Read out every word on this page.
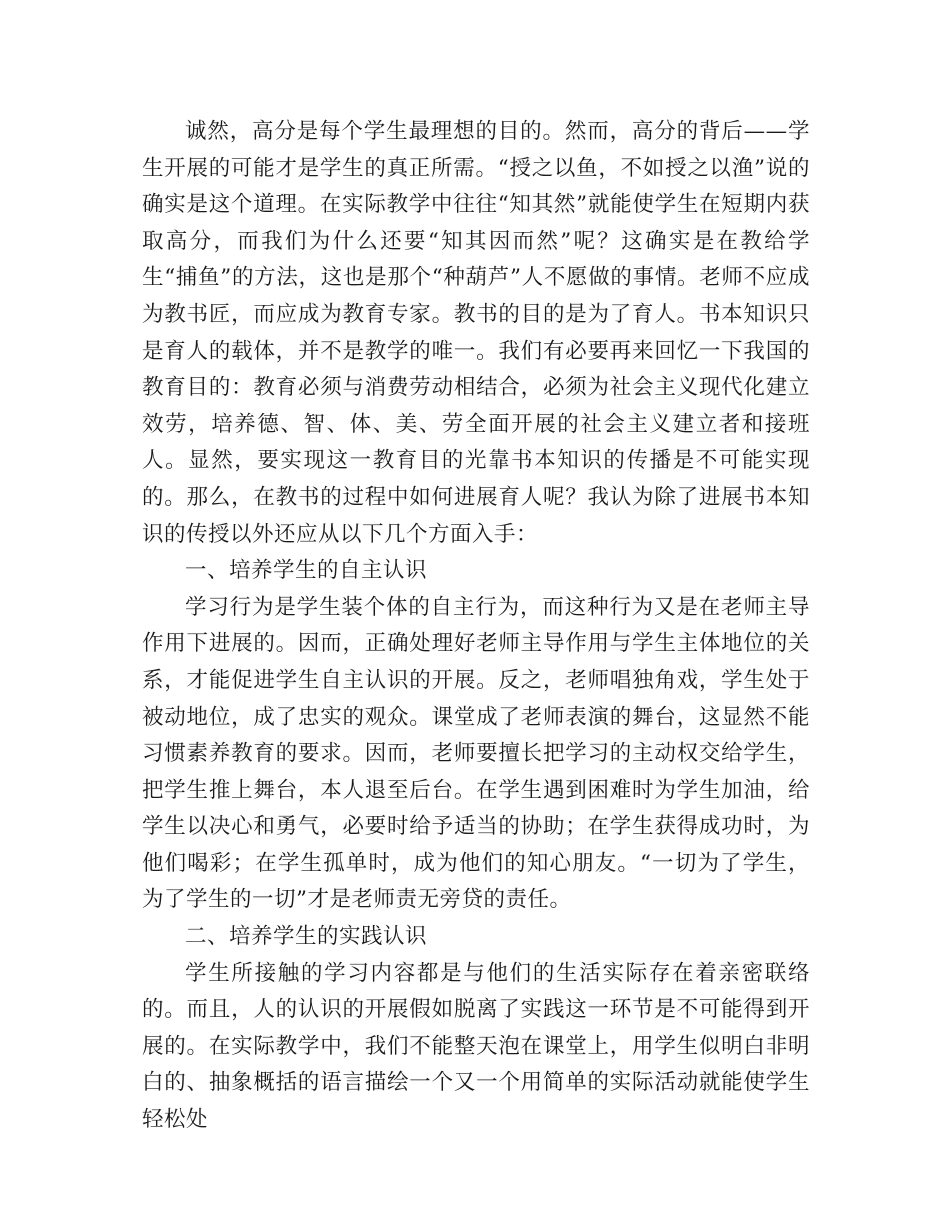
诚然，高分是每个学生最理想的目的。然而，高分的背后——学生开展的可能才是学生的真正所需。“授之以鱼，不如授之以渔”说的确实是这个道理。在实际教学中往往“知其然”就能使学生在短期内获取高分，而我们为什么还要“知其因而然”呢？这确实是在教给学生“捕鱼”的方法，这也是那个“种葫芦”人不愿做的事情。老师不应成为教书匠，而应成为教育专家。教书的目的是为了育人。书本知识只是育人的载体，并不是教学的唯一。我们有必要再来回忆一下我国的教育目的：教育必须与消费劳动相结合，必须为社会主义现代化建立效劳，培养德、智、体、美、劳全面开展的社会主义建立者和接班人。显然，要实现这一教育目的光靠书本知识的传播是不可能实现的。那么，在教书的过程中如何进展育人呢？我认为除了进展书本知识的传授以外还应从以下几个方面入手：

一、培养学生的自主认识

学习行为是学生装个体的自主行为，而这种行为又是在老师主导作用下进展的。因而，正确处理好老师主导作用与学生主体地位的关系，才能促进学生自主认识的开展。反之，老师唱独角戏，学生处于被动地位，成了忠实的观众。课堂成了老师表演的舞台，这显然不能习惯素养教育的要求。因而，老师要擅长把学习的主动权交给学生，把学生推上舞台，本人退至后台。在学生遇到困难时为学生加油，给学生以决心和勇气，必要时给予适当的协助；在学生获得成功时，为他们喝彩；在学生孤单时，成为他们的知心朋友。“一切为了学生，为了学生的一切”才是老师责无旁贷的责任。

二、培养学生的实践认识

学生所接触的学习内容都是与他们的生活实际存在着亲密联络的。而且，人的认识的开展假如脱离了实践这一环节是不可能得到开展的。在实际教学中，我们不能整天泡在课堂上，用学生似明白非明白的、抽象概括的语言描绘一个又一个用简单的实际活动就能使学生轻松处
